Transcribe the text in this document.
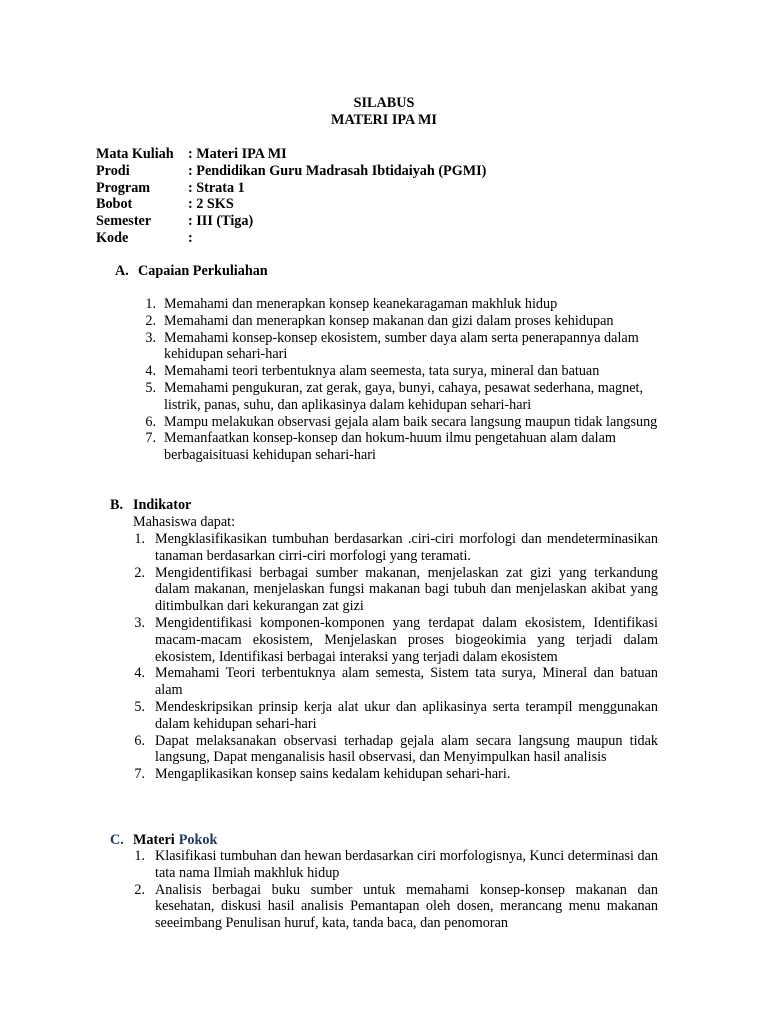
SILABUS
MATERI IPA MI
Mata Kuliah	: Materi IPA MI
Prodi	: Pendidikan Guru Madrasah Ibtidaiyah (PGMI)
Program	: Strata 1
Bobot	: 2 SKS
Semester	: III (Tiga)
Kode	:
A. Capaian Perkuliahan
1. Memahami dan menerapkan konsep keanekaragaman makhluk hidup
2. Memahami dan menerapkan konsep makanan dan gizi dalam proses kehidupan
3. Memahami konsep-konsep ekosistem, sumber daya alam serta penerapannya dalam kehidupan sehari-hari
4. Memahami teori terbentuknya alam seemesta, tata surya, mineral dan batuan
5. Memahami pengukuran, zat gerak, gaya, bunyi, cahaya, pesawat sederhana, magnet, listrik, panas, suhu, dan aplikasinya dalam kehidupan sehari-hari
6. Mampu melakukan observasi gejala alam baik secara langsung maupun tidak langsung
7. Memanfaatkan konsep-konsep dan hokum-huum ilmu pengetahuan alam dalam berbagaisituasi kehidupan sehari-hari
B. Indikator
Mahasiswa dapat:
1. Mengklasifikasikan tumbuhan berdasarkan .ciri-ciri morfologi dan mendeterminasikan tanaman berdasarkan cirri-ciri morfologi yang teramati.
2. Mengidentifikasi berbagai sumber makanan, menjelaskan zat gizi yang terkandung dalam makanan, menjelaskan fungsi makanan bagi tubuh dan menjelaskan akibat yang ditimbulkan dari kekurangan zat gizi
3. Mengidentifikasi komponen-komponen yang terdapat dalam ekosistem, Identifikasi macam-macam ekosistem, Menjelaskan proses biogeokimia yang terjadi dalam ekosistem, Identifikasi berbagai interaksi yang terjadi dalam ekosistem
4. Memahami Teori terbentuknya alam semesta, Sistem tata surya, Mineral dan batuan alam
5. Mendeskripsikan prinsip kerja alat ukur dan aplikasinya serta terampil menggunakan dalam kehidupan sehari-hari
6. Dapat melaksanakan observasi terhadap gejala alam secara langsung maupun tidak langsung, Dapat menganalisis hasil observasi, dan Menyimpulkan hasil analisis
7. Mengaplikasikan konsep sains kedalam kehidupan sehari-hari.
C. Materi Pokok
1. Klasifikasi tumbuhan dan hewan berdasarkan ciri morfologisnya, Kunci determinasi dan tata nama Ilmiah makhluk hidup
2. Analisis berbagai buku sumber untuk memahami konsep-konsep makanan dan kesehatan, diskusi hasil analisis Pemantapan oleh dosen, merancang menu makanan seeeimbang Penulisan huruf, kata, tanda baca, dan penomoran
